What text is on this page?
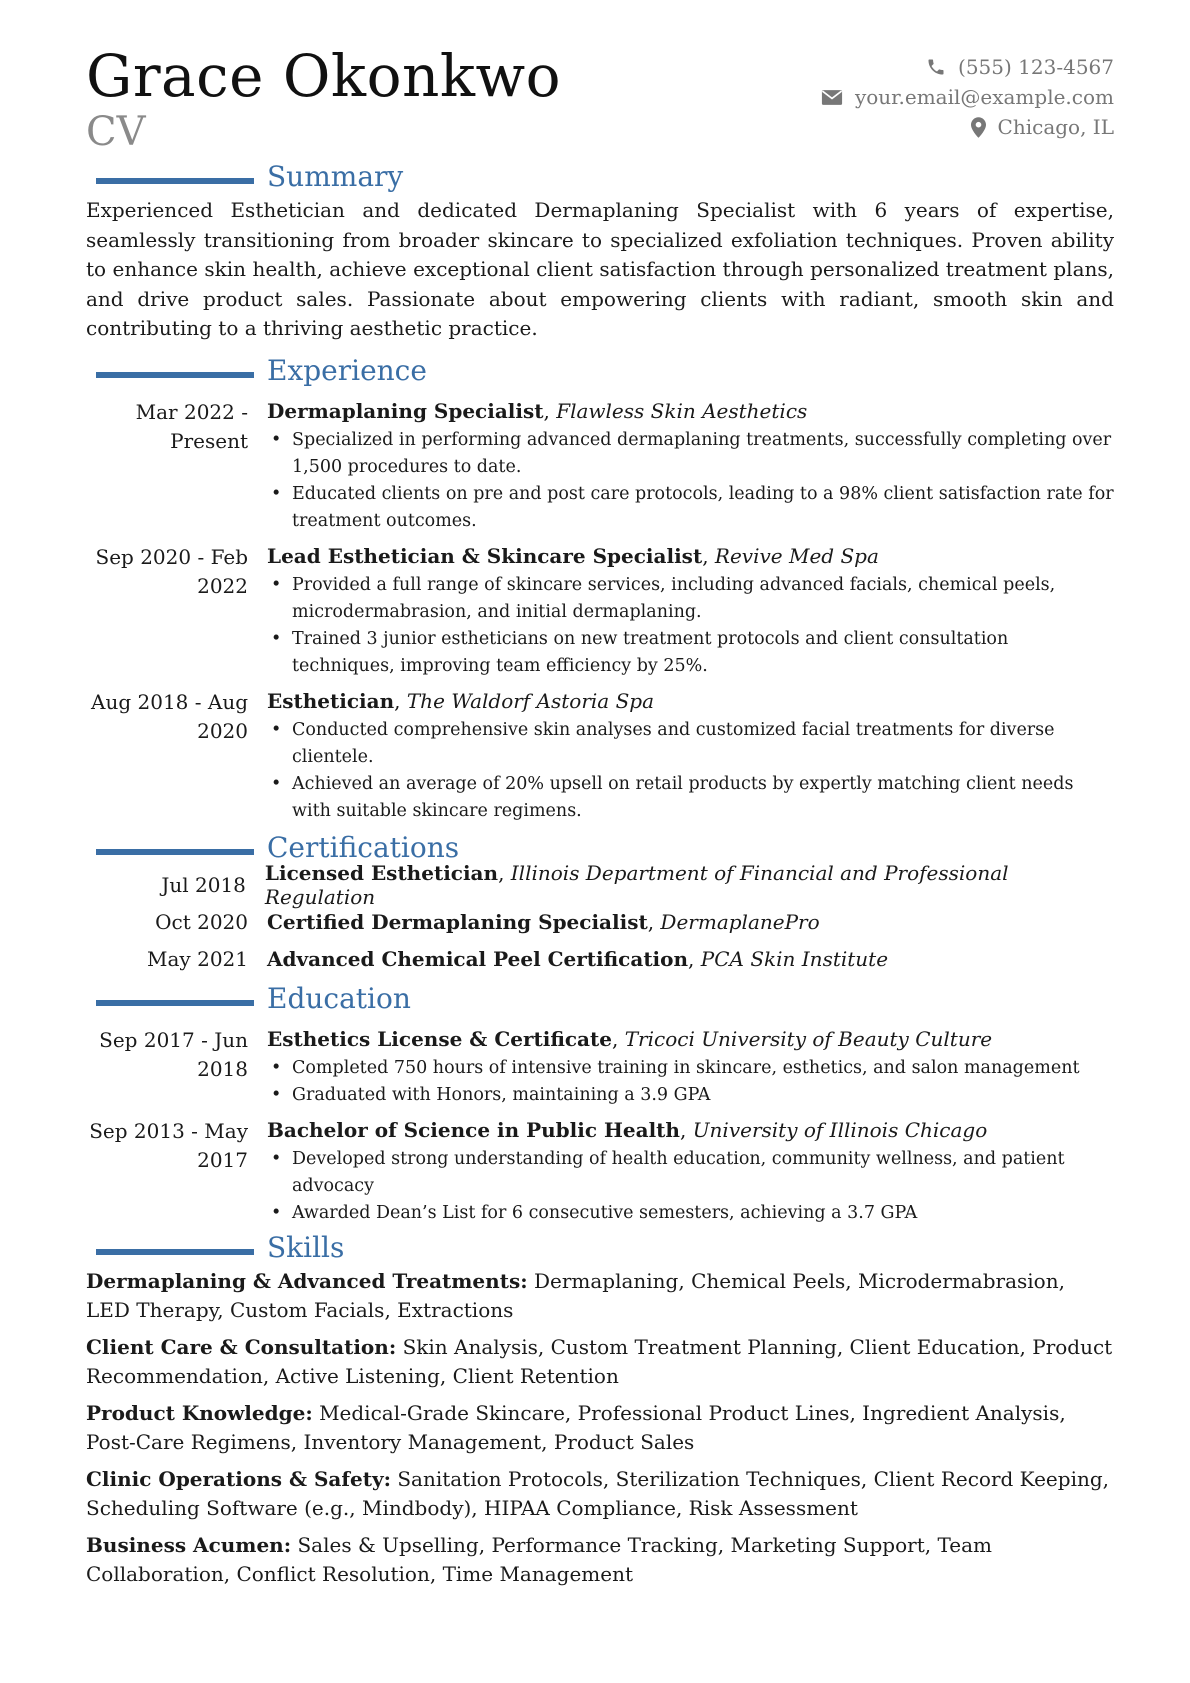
Grace Okonkwo
CV
(555) 123-4567
your.email@example.com
Chicago, IL
Summary
Experienced Esthetician and dedicated Dermaplaning Specialist with 6 years of expertise, seamlessly transitioning from broader skincare to specialized exfoliation techniques. Proven ability to enhance skin health, achieve exceptional client satisfaction through personalized treatment plans, and drive product sales. Passionate about empowering clients with radiant, smooth skin and contributing to a thriving aesthetic practice.
Experience
Mar 2022 - Present
Dermaplaning Specialist, Flawless Skin Aesthetics
• Specialized in performing advanced dermaplaning treatments, successfully completing over 1,500 procedures to date.
• Educated clients on pre and post care protocols, leading to a 98% client satisfaction rate for treatment outcomes.
Sep 2020 - Feb 2022
Lead Esthetician & Skincare Specialist, Revive Med Spa
• Provided a full range of skincare services, including advanced facials, chemical peels, microdermabrasion, and initial dermaplaning.
• Trained 3 junior estheticians on new treatment protocols and client consultation techniques, improving team efficiency by 25%.
Aug 2018 - Aug 2020
Esthetician, The Waldorf Astoria Spa
• Conducted comprehensive skin analyses and customized facial treatments for diverse clientele.
• Achieved an average of 20% upsell on retail products by expertly matching client needs with suitable skincare regimens.
Certifications
Jul 2018 Licensed Esthetician, Illinois Department of Financial and Professional Regulation
Oct 2020 Certified Dermaplaning Specialist, DermaplanePro
May 2021 Advanced Chemical Peel Certification, PCA Skin Institute
Education
Sep 2017 - Jun 2018
Esthetics License & Certificate, Tricoci University of Beauty Culture
• Completed 750 hours of intensive training in skincare, esthetics, and salon management
• Graduated with Honors, maintaining a 3.9 GPA
Sep 2013 - May 2017
Bachelor of Science in Public Health, University of Illinois Chicago
• Developed strong understanding of health education, community wellness, and patient advocacy
• Awarded Dean’s List for 6 consecutive semesters, achieving a 3.7 GPA
Skills
Dermaplaning & Advanced Treatments: Dermaplaning, Chemical Peels, Microdermabrasion, LED Therapy, Custom Facials, Extractions
Client Care & Consultation: Skin Analysis, Custom Treatment Planning, Client Education, Product Recommendation, Active Listening, Client Retention
Product Knowledge: Medical-Grade Skincare, Professional Product Lines, Ingredient Analysis, Post-Care Regimens, Inventory Management, Product Sales
Clinic Operations & Safety: Sanitation Protocols, Sterilization Techniques, Client Record Keeping, Scheduling Software (e.g., Mindbody), HIPAA Compliance, Risk Assessment
Business Acumen: Sales & Upselling, Performance Tracking, Marketing Support, Team Collaboration, Conflict Resolution, Time Management
